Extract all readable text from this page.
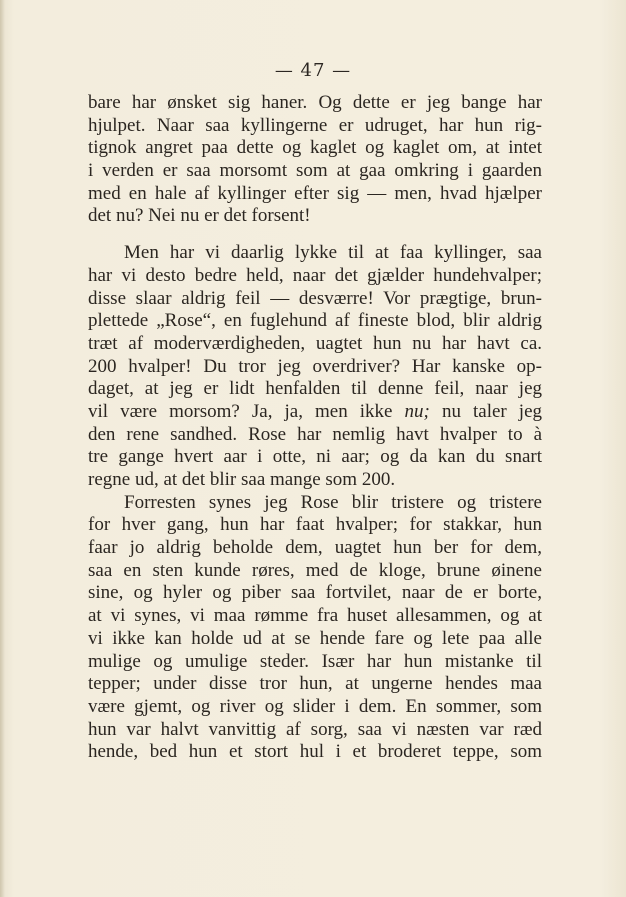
— 47 —
bare har ønsket sig haner. Og dette er jeg bange har
hjulpet. Naar saa kyllingerne er udruget, har hun rig-
tignok angret paa dette og kaglet og kaglet om, at intet
i verden er saa morsomt som at gaa omkring i gaarden
med en hale af kyllinger efter sig — men, hvad hjælper
det nu? Nei nu er det forsent!
Men har vi daarlig lykke til at faa kyllinger, saa
har vi desto bedre held, naar det gjælder hundehvalper;
disse slaar aldrig feil — desværre! Vor prægtige, brun-
plettede „Rose“, en fuglehund af fineste blod, blir aldrig
træt af moderværdigheden, uagtet hun nu har havt ca.
200 hvalper! Du tror jeg overdriver? Har kanske op-
daget, at jeg er lidt henfalden til denne feil, naar jeg
vil være morsom? Ja, ja, men ikke nu; nu taler jeg
den rene sandhed. Rose har nemlig havt hvalper to à
tre gange hvert aar i otte, ni aar; og da kan du snart
regne ud, at det blir saa mange som 200.
Forresten synes jeg Rose blir tristere og tristere
for hver gang, hun har faat hvalper; for stakkar, hun
faar jo aldrig beholde dem, uagtet hun ber for dem,
saa en sten kunde røres, med de kloge, brune øinene
sine, og hyler og piber saa fortvilet, naar de er borte,
at vi synes, vi maa rømme fra huset allesammen, og at
vi ikke kan holde ud at se hende fare og lete paa alle
mulige og umulige steder. Især har hun mistanke til
tepper; under disse tror hun, at ungerne hendes maa
være gjemt, og river og slider i dem. En sommer, som
hun var halvt vanvittig af sorg, saa vi næsten var ræd
hende, bed hun et stort hul i et broderet teppe, som
